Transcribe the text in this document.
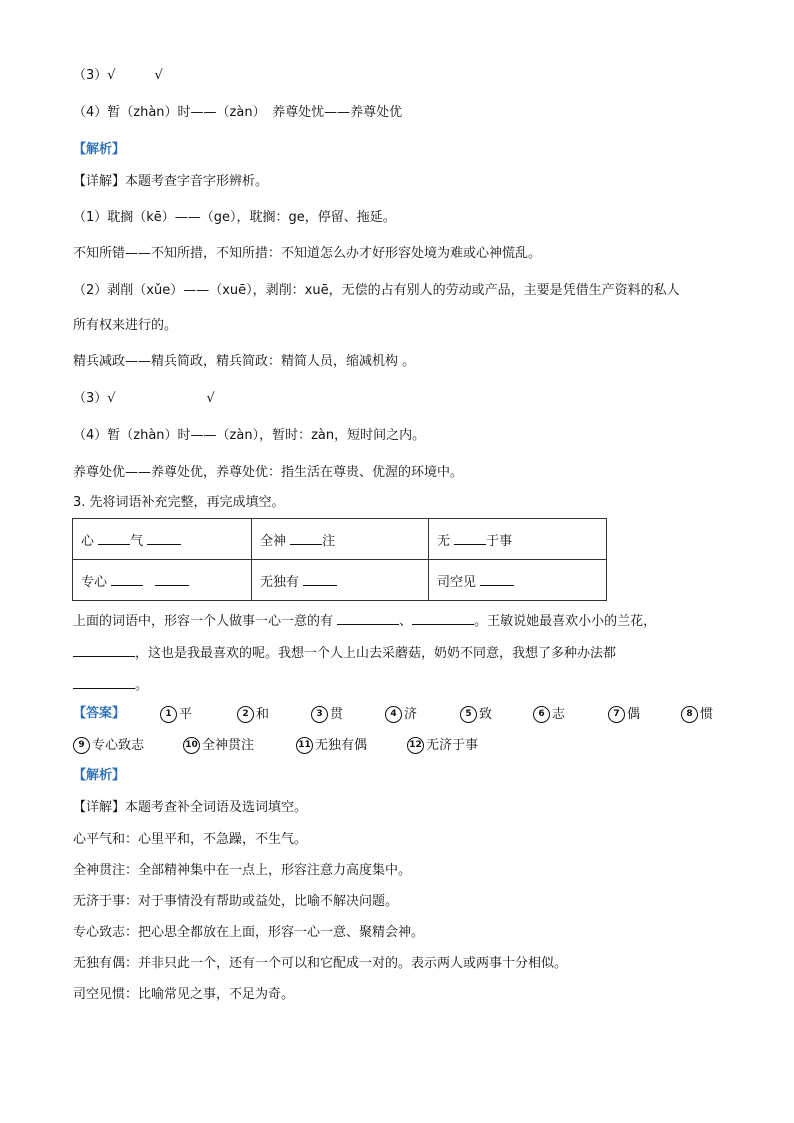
（3）√　　　√
（4）暂（zhàn）时——（zàn）　养尊处忧——养尊处优
【解析】
【详解】本题考查字音字形辨析。
（1）耽搁（kē）——（ge），耽搁：ge，停留、拖延。
不知所错——不知所措，不知所措：不知道怎么办才好形容处境为难或心神慌乱。
（2）剥削（xǔe）——（xuē），剥削：xuē，无偿的占有别人的劳动或产品，主要是凭借生产资料的私人
所有权来进行的。
精兵减政——精兵简政，精兵简政：精简人员，缩减机构 。
（3）√　　　　　　　√
（4）暂（zhàn）时——（zàn），暂时：zàn，短时间之内。
养尊处优——养尊处优，养尊处优：指生活在尊贵、优渥的环境中。
3. 先将词语补充完整，再完成填空。
心 气	全神 注	无 于事
专心	无独有	司空见
上面的词语中，形容一个人做事一心一意的有	、	。王敏说她最喜欢小小的兰花，
，这也是我最喜欢的呢。我想一个人上山去采蘑菇，奶奶不同意，我想了多种办法都
。
【答案】	1 平	2 和	3 贯	4 济	5 致	6 志	7 偶	8 惯
9 专心致志	10 全神贯注	11 无独有偶	12 无济于事
【解析】
【详解】本题考查补全词语及选词填空。
心平气和：心里平和，不急躁，不生气。
全神贯注：全部精神集中在一点上，形容注意力高度集中。
无济于事：对于事情没有帮助或益处，比喻不解决问题。
专心致志：把心思全都放在上面，形容一心一意、聚精会神。
无独有偶：并非只此一个，还有一个可以和它配成一对的。表示两人或两事十分相似。
司空见惯：比喻常见之事，不足为奇。
